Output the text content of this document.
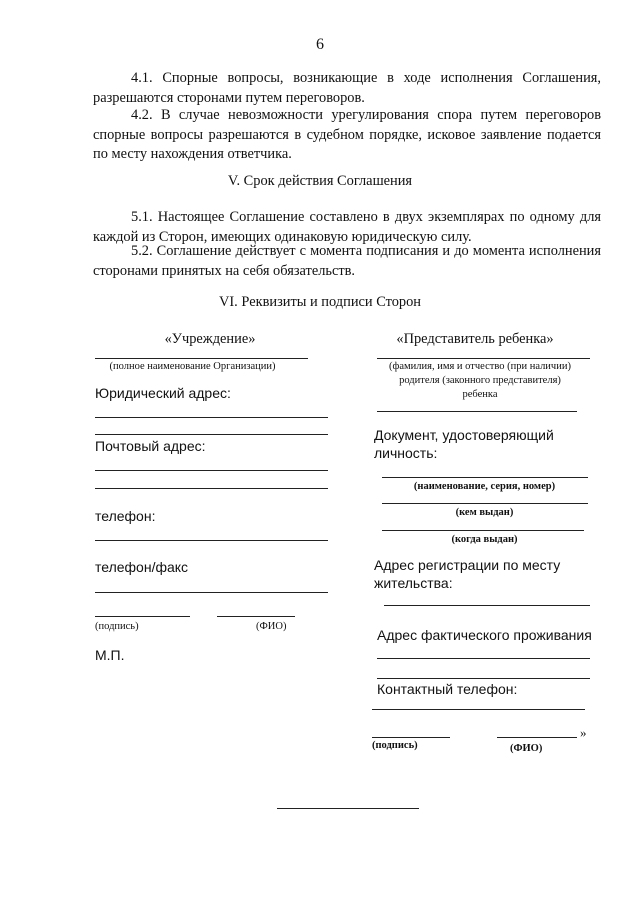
6
4.1. Спорные вопросы, возникающие в ходе исполнения Соглашения, разрешаются сторонами путем переговоров.
4.2. В случае невозможности урегулирования спора путем переговоров спорные вопросы разрешаются в судебном порядке, исковое заявление подается по месту нахождения ответчика.
V. Срок действия Соглашения
5.1. Настоящее Соглашение составлено в двух экземплярах по одному для каждой из Сторон, имеющих одинаковую юридическую силу.
5.2. Соглашение действует с момента подписания и до момента исполнения сторонами принятых на себя обязательств.
VI. Реквизиты и подписи Сторон
«Учреждение»
(полное наименование Организации)
Юридический адрес:
Почтовый адрес:
телефон:
телефон/факс
(подпись)	(ФИО)
М.П.
«Представитель ребенка»
(фамилия, имя и отчество (при наличии)
родителя (законного представителя)
ребенка
Документ, удостоверяющий
личность:
(наименование, серия, номер)
(кем выдан)
(когда выдан)
Адрес регистрации по месту
жительства:
Адрес фактического проживания
Контактный телефон:
»
(подпись)	(ФИО)
